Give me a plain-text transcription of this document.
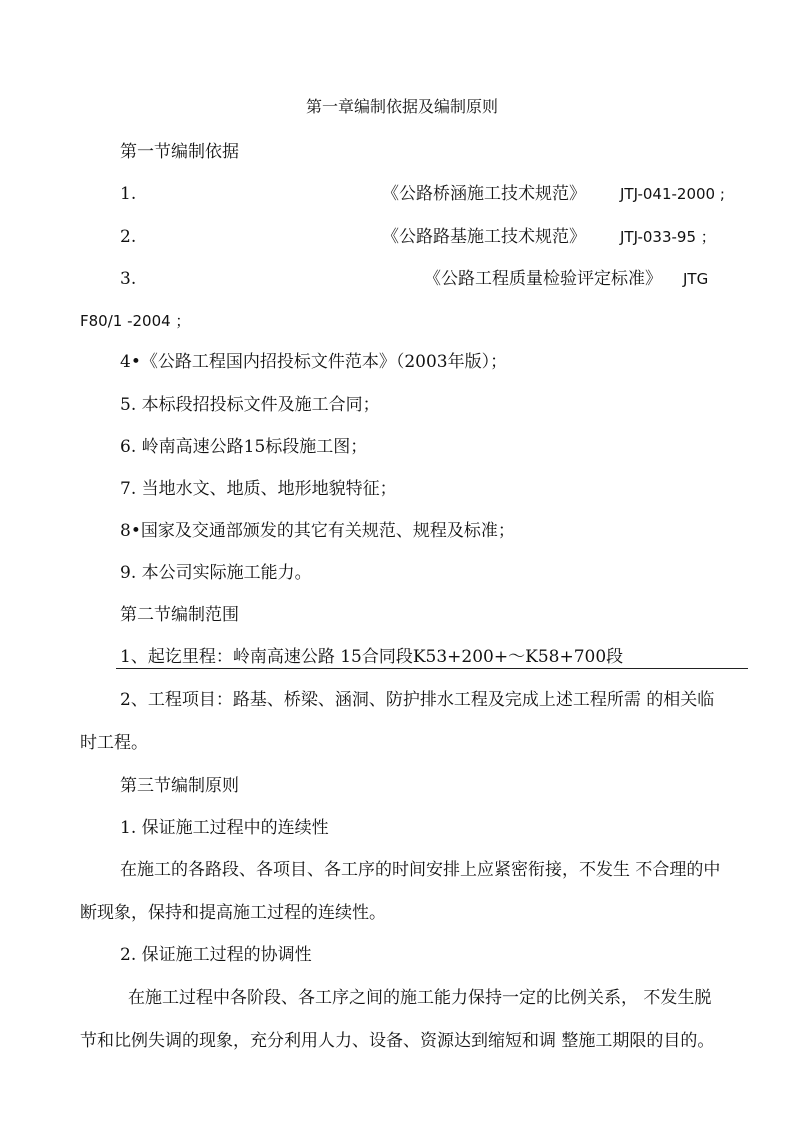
第一章编制依据及编制原则
第一节编制依据
1.	《公路桥涵施工技术规范》 JTJ-041-2000 ;
2.	《公路路基施工技术规范》 JTJ-033-95 ；
3.	《公路工程质量检验评定标准》 JTG
F80/1 -2004 ；
4•《公路工程国内招投标文件范本》（2003年版）；
5. 本标段招投标文件及施工合同；
6. 岭南高速公路15标段施工图；
7. 当地水文、地质、地形地貌特征；
8•国家及交通部颁发的其它有关规范、规程及标准；
9. 本公司实际施工能力。
第二节编制范围
1、起讫里程：岭南高速公路 15合同段K53+200+～K58+700段
2、工程项目：路基、桥梁、涵洞、防护排水工程及完成上述工程所需 的相关临
时工程。
第三节编制原则
1. 保证施工过程中的连续性
在施工的各路段、各项目、各工序的时间安排上应紧密衔接，不发生 不合理的中
断现象，保持和提高施工过程的连续性。
2. 保证施工过程的协调性
在施工过程中各阶段、各工序之间的施工能力保持一定的比例关系， 不发生脱
节和比例失调的现象，充分利用人力、设备、资源达到缩短和调 整施工期限的目的。
